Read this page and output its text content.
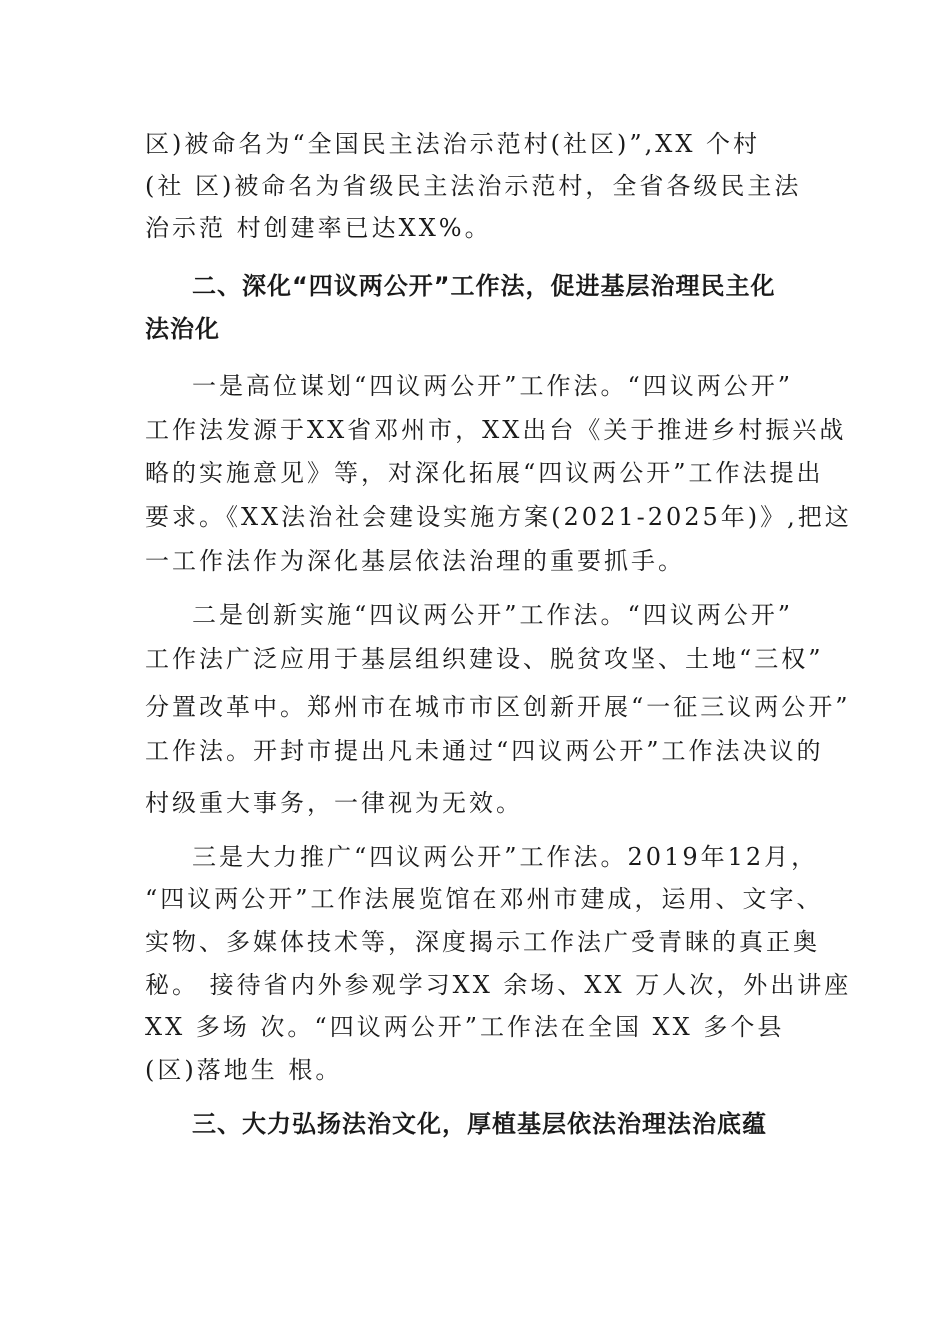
区)被命名为“全国民主法治示范村(社区)”,XX 个村
(社 区)被命名为省级民主法治示范村，全省各级民主法
治示范 村创建率已达XX%。
二、深化“四议两公开”工作法，促进基层治理民主化
法治化
一是高位谋划“四议两公开”工作法。“四议两公开”
工作法发源于XX省邓州市，XX出台《关于推进乡村振兴战
略的实施意见》等，对深化拓展“四议两公开”工作法提出
要求。《XX法治社会建设实施方案(2021-2025年)》,把这
一工作法作为深化基层依法治理的重要抓手。
二是创新实施“四议两公开”工作法。“四议两公开”
工作法广泛应用于基层组织建设、脱贫攻坚、土地“三权”
分置改革中。郑州市在城市市区创新开展“一征三议两公开”
工作法。开封市提出凡未通过“四议两公开”工作法决议的
村级重大事务，一律视为无效。
三是大力推广“四议两公开”工作法。2019年12月，
“四议两公开”工作法展览馆在邓州市建成，运用、文字、
实物、多媒体技术等，深度揭示工作法广受青睐的真正奥
秘。 接待省内外参观学习XX 余场、XX 万人次，外出讲座
XX 多场 次。“四议两公开”工作法在全国 XX 多个县
(区)落地生 根。
三、大力弘扬法治文化，厚植基层依法治理法治底蕴
